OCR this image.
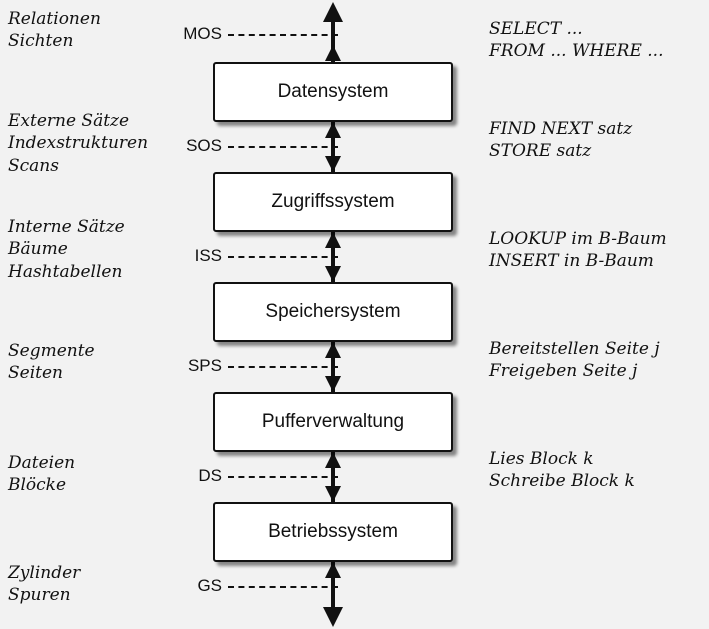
MOS
SOS
ISS
SPS
DS
GS
Datensystem
Zugriffssystem
Speichersystem
Pufferverwaltung
Betriebssystem
Relationen
Sichten
Externe Sätze
Indexstrukturen
Scans
Interne Sätze
Bäume
Hashtabellen
Segmente
Seiten
Dateien
Blöcke
Zylinder
Spuren
SELECT ...
FROM ... WHERE ...
FIND NEXT satz
STORE satz
LOOKUP im B-Baum
INSERT in B-Baum
Bereitstellen Seite j
Freigeben Seite j
Lies Block k
Schreibe Block k
